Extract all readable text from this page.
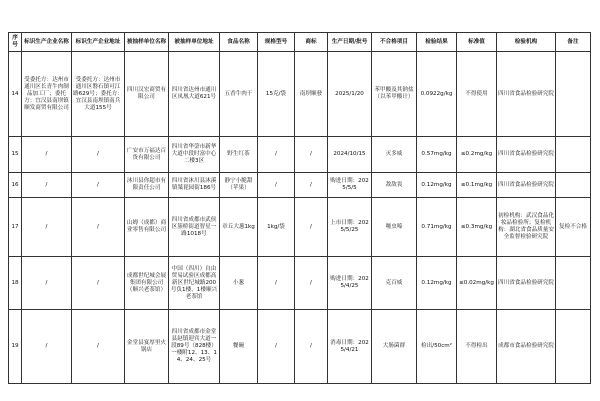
序号	标识生产企业名称	标识生产企业地址	被抽样单位名称	被抽样单位地址	食品名称	规格型号	商标	生产日期/批号	不合格项目	检验结果	标准值	检验机构	备注
14	受委托方：达州市通川区长青牛肉制品加工厂；委托方：宜汉县南坝镇顺发商贸有限公司	受委托方：达州市通川区磐石镇可江路629号；委托方：宜汉县南坝镇南兵大道155号	四川汉宏商贸有限公司	四川省达州市通川区凤凰大道621号	五香牛肉干	15克/袋	南坝顺發	2025/1/20	苯甲酸及其钠盐（以苯甲酸计）	0.0922g/kg	不得使用	四川省食品检验研究院	
15	/	/	广安市万福达百货有限公司	四川省华蓥市新华大道中段时富中心二楼3区	野生红茶	/	/	2024/10/15	灭多威	0.57mg/kg	≤0.2mg/kg	四川省食品检验研究院	
16	/	/	沐川县你超市有限责任公司	四川省沐川县沐溪镇桀琵园街186号	静宁小脆甜（苹果）	/	/	购进日期：2025/5/5	敌敌畏	0.12mg/kg	≤0.1mg/kg	四川省食品检验研究院	
17	/	/	山姆（成都）商业零售有限公司	四川省成都市武侯区簇桥街道智星一路1018号	章丘大葱1kg	1kg/袋	/	上市日期：2025/5/25	噻虫嗪	0.71mg/kg	≤0.3mg/kg	初检机构：武汉食品化妆品检验所；复检机构：湖北省食品质量安全监督检验研究院	复检不合格
18	/	/	成都世纪城会展集团有限公司（顺兴老茶馆）	中国（四川）自由贸易试验区成都高新区世纪城路200号负1楼、1楼顺兴老茶馆	小葱	/	/	购进日期：2025/4/25	克百威	0.12mg/kg	≤0.02mg/kg	四川省食品检验研究院	
19	/	/	金堂县宴厚里火锅店	四川省成都市金堂县赵镇迎宾大道一段89号（828楼）一楼附12、13、14、24、25号	餐碗	/	/	消毒日期：2025/4/21	大肠菌群	检出/50cm²	不得检出	成都市食品检验研究院	
